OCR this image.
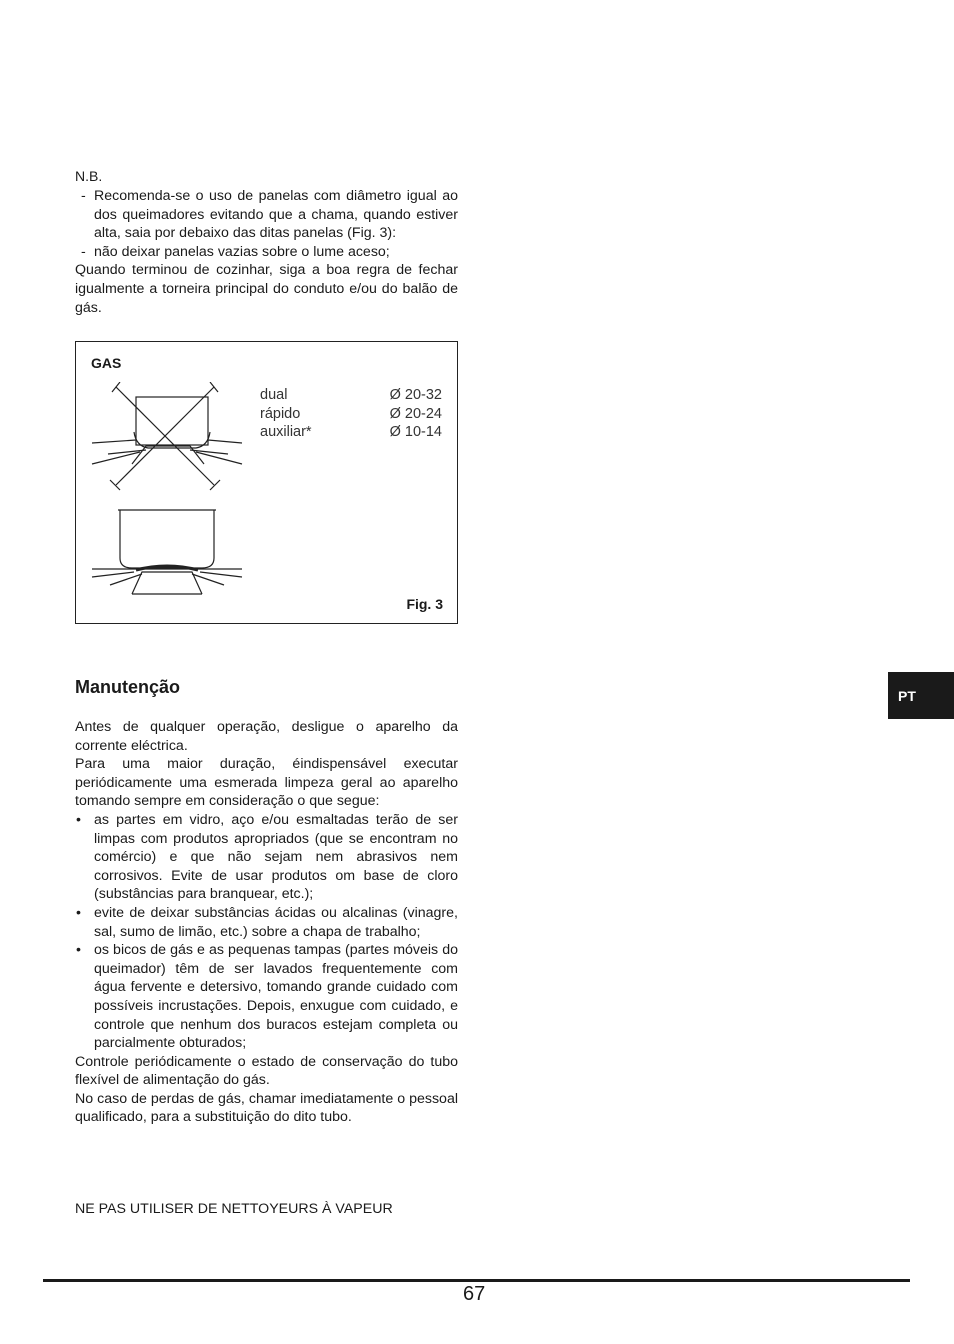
N.B.
- Recomenda-se o uso de panelas com diâmetro igual ao dos queimadores evitando que a chama, quando estiver alta, saia por debaixo das ditas panelas (Fig. 3):
- não deixar panelas vazias sobre o lume aceso;
Quando terminou de cozinhar, siga a boa regra de fechar igualmente a torneira principal do conduto e/ou do balão de gás.
GAS
dual	Ø 20-32
rápido	Ø 20-24
auxiliar*	Ø 10-14
Fig. 3
Manutenção
Antes de qualquer operação, desligue o aparelho da corrente eléctrica.
Para uma maior duração, éindispensável executar periódicamente uma esmerada limpeza geral ao aparelho tomando sempre em consideração o que segue:
• as partes em vidro, aço e/ou esmaltadas terão de ser limpas com produtos apropriados (que se encontram no comércio) e que não sejam nem abrasivos nem corrosivos. Evite de usar produtos om base de cloro (substâncias para branquear, etc.);
• evite de deixar substâncias ácidas ou alcalinas (vinagre, sal, sumo de limão, etc.) sobre a chapa de trabalho;
• os bicos de gás e as pequenas tampas (partes móveis do queimador) têm de ser lavados frequentemente com água fervente e detersivo, tomando grande cuidado com possíveis incrustações. Depois, enxugue com cuidado, e controle que nenhum dos buracos estejam completa ou parcialmente obturados;
Controle periódicamente o estado de conservação do tubo flexível de alimentação do gás.
No caso de perdas de gás, chamar imediatamente o pessoal qualificado, para a substituição do dito tubo.
NE PAS UTILISER DE NETTOYEURS À VAPEUR
PT
67
